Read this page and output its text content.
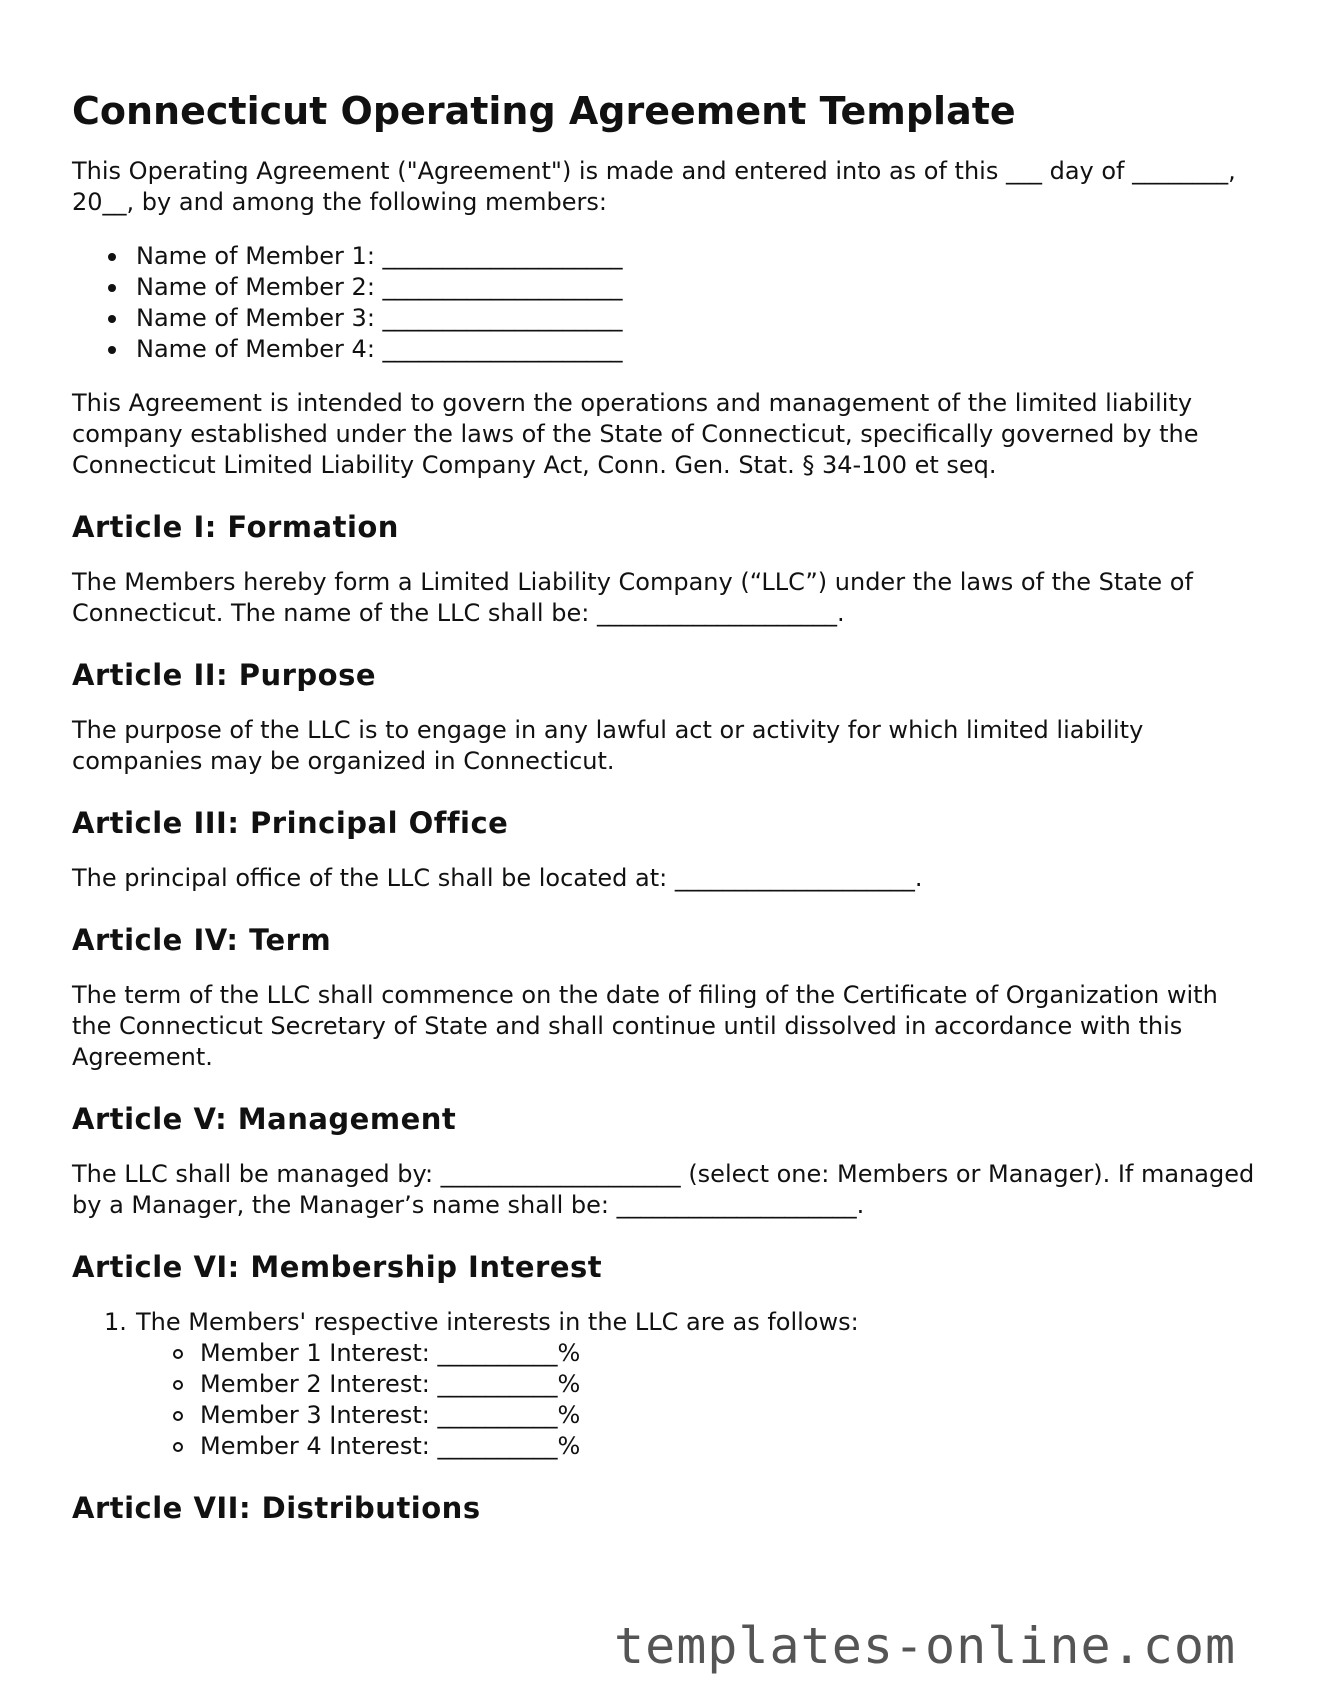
Connecticut Operating Agreement Template

This Operating Agreement ("Agreement") is made and entered into as of this ___ day of ________, 20__, by and among the following members:

Name of Member 1: ____________________
Name of Member 2: ____________________
Name of Member 3: ____________________
Name of Member 4: ____________________

This Agreement is intended to govern the operations and management of the limited liability company established under the laws of the State of Connecticut, specifically governed by the Connecticut Limited Liability Company Act, Conn. Gen. Stat. § 34-100 et seq.

Article I: Formation

The Members hereby form a Limited Liability Company (“LLC”) under the laws of the State of Connecticut. The name of the LLC shall be: ____________________.

Article II: Purpose

The purpose of the LLC is to engage in any lawful act or activity for which limited liability companies may be organized in Connecticut.

Article III: Principal Office

The principal office of the LLC shall be located at: ____________________.

Article IV: Term

The term of the LLC shall commence on the date of filing of the Certificate of Organization with the Connecticut Secretary of State and shall continue until dissolved in accordance with this Agreement.

Article V: Management

The LLC shall be managed by: ____________________ (select one: Members or Manager). If managed by a Manager, the Manager’s name shall be: ____________________.

Article VI: Membership Interest
1. The Members' respective interests in the LLC are as follows:
Member 1 Interest: __________%
Member 2 Interest: __________%
Member 3 Interest: __________%
Member 4 Interest: __________%
Article VII: Distributions
templates-online.com
